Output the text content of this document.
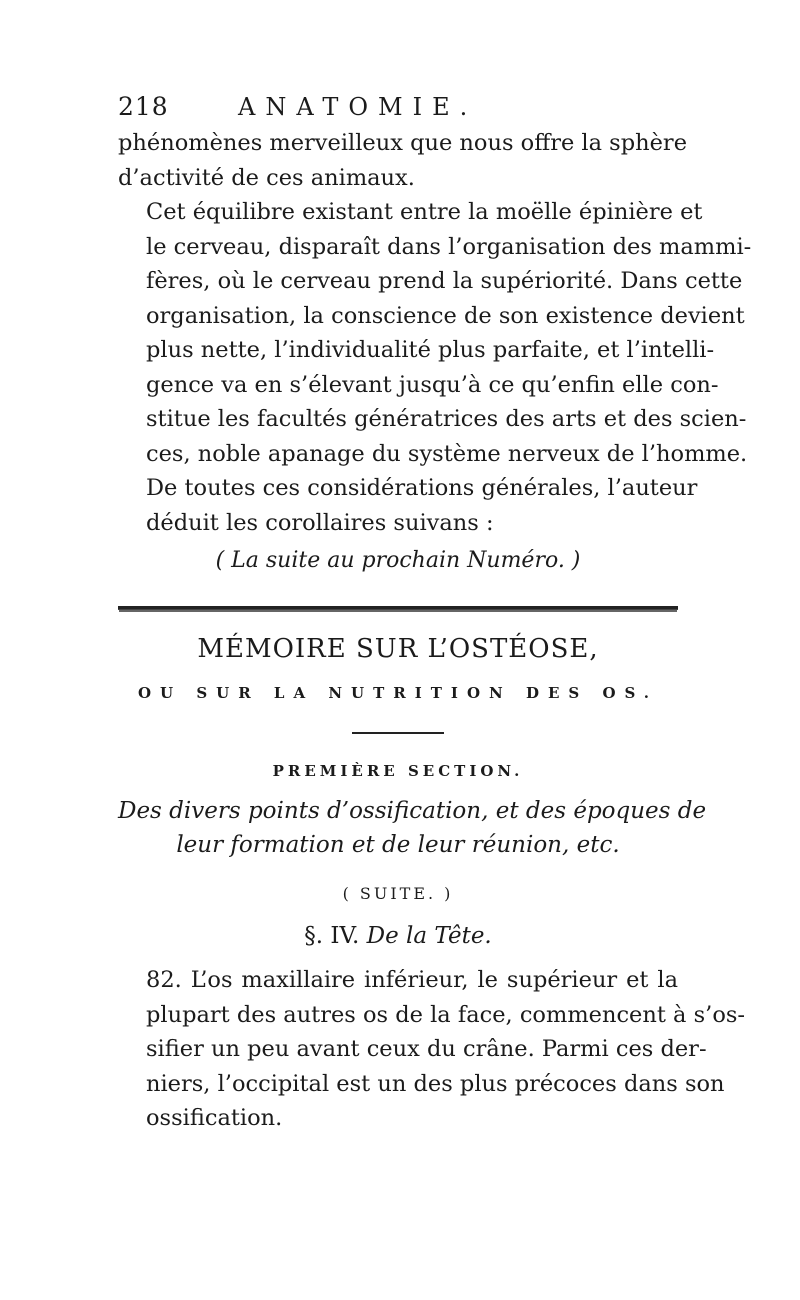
218	ANATOMIE.

phénomènes merveilleux que nous offre la sphère
d’activité de ces animaux.

Cet équilibre existant entre la moëlle épinière et
le cerveau, disparaît dans l’organisation des mammi-
fères, où le cerveau prend la supériorité. Dans cette
organisation, la conscience de son existence devient
plus nette, l’individualité plus parfaite, et l’intelli-
gence va en s’élevant jusqu’à ce qu’enfin elle con-
stitue les facultés génératrices des arts et des scien-
ces, noble apanage du système nerveux de l’homme.

De toutes ces considérations générales, l’auteur
déduit les corollaires suivans :

( La suite au prochain Numéro. )
MÉMOIRE SUR L’OSTÉOSE,
OU SUR LA NUTRITION DES OS.
PREMIÈRE SECTION.
Des divers points d’ossification, et des époques de
leur formation et de leur réunion, etc.
( SUITE. )
§. IV. De la Tête.

82. L’os maxillaire inférieur, le supérieur et la
plupart des autres os de la face, commencent à s’os-
sifier un peu avant ceux du crâne. Parmi ces der-
niers, l’occipital est un des plus précoces dans son
ossification.
